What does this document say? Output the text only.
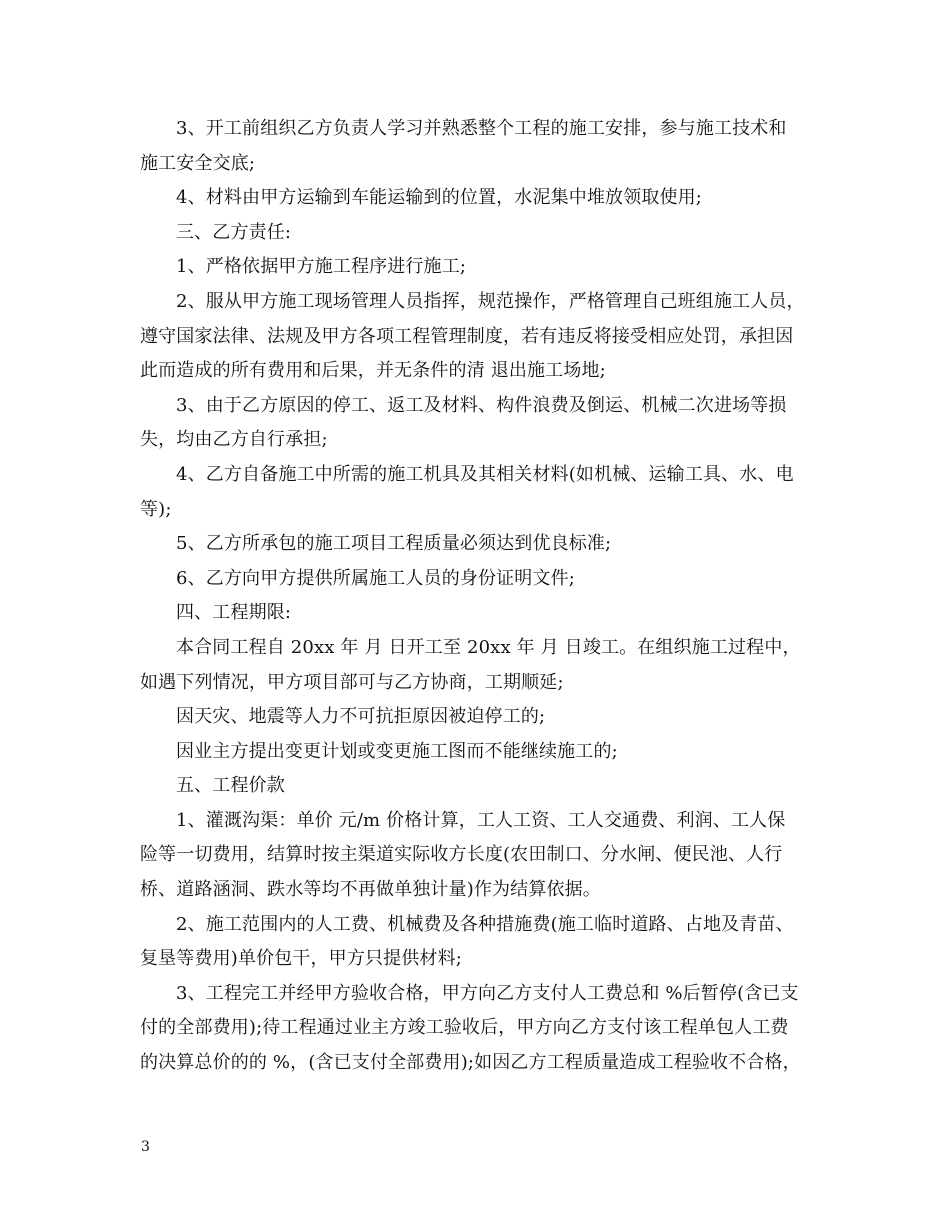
3、开工前组织乙方负责人学习并熟悉整个工程的施工安排，参与施工技术和
施工安全交底;
4、材料由甲方运输到车能运输到的位置，水泥集中堆放领取使用;
三、乙方责任:
1、严格依据甲方施工程序进行施工;
2、服从甲方施工现场管理人员指挥，规范操作，严格管理自己班组施工人员，
遵守国家法律、法规及甲方各项工程管理制度，若有违反将接受相应处罚，承担因
此而造成的所有费用和后果，并无条件的清 退出施工场地;
3、由于乙方原因的停工、返工及材料、构件浪费及倒运、机械二次进场等损
失，均由乙方自行承担;
4、乙方自备施工中所需的施工机具及其相关材料(如机械、运输工具、水、电
等);
5、乙方所承包的施工项目工程质量必须达到优良标准;
6、乙方向甲方提供所属施工人员的身份证明文件;
四、工程期限:
本合同工程自 20xx 年 月 日开工至 20xx 年 月 日竣工。在组织施工过程中，
如遇下列情况，甲方项目部可与乙方协商，工期顺延;
因天灾、地震等人力不可抗拒原因被迫停工的;
因业主方提出变更计划或变更施工图而不能继续施工的;
五、工程价款
1、灌溉沟渠：单价 元/m 价格计算，工人工资、工人交通费、利润、工人保
险等一切费用，结算时按主渠道实际收方长度(农田制口、分水闸、便民池、人行
桥、道路涵洞、跌水等均不再做单独计量)作为结算依据。
2、施工范围内的人工费、机械费及各种措施费(施工临时道路、占地及青苗、
复垦等费用)单价包干，甲方只提供材料;
3、工程完工并经甲方验收合格，甲方向乙方支付人工费总和 %后暂停(含已支
付的全部费用);待工程通过业主方竣工验收后，甲方向乙方支付该工程单包人工费
的决算总价的的 %，(含已支付全部费用);如因乙方工程质量造成工程验收不合格，
3
